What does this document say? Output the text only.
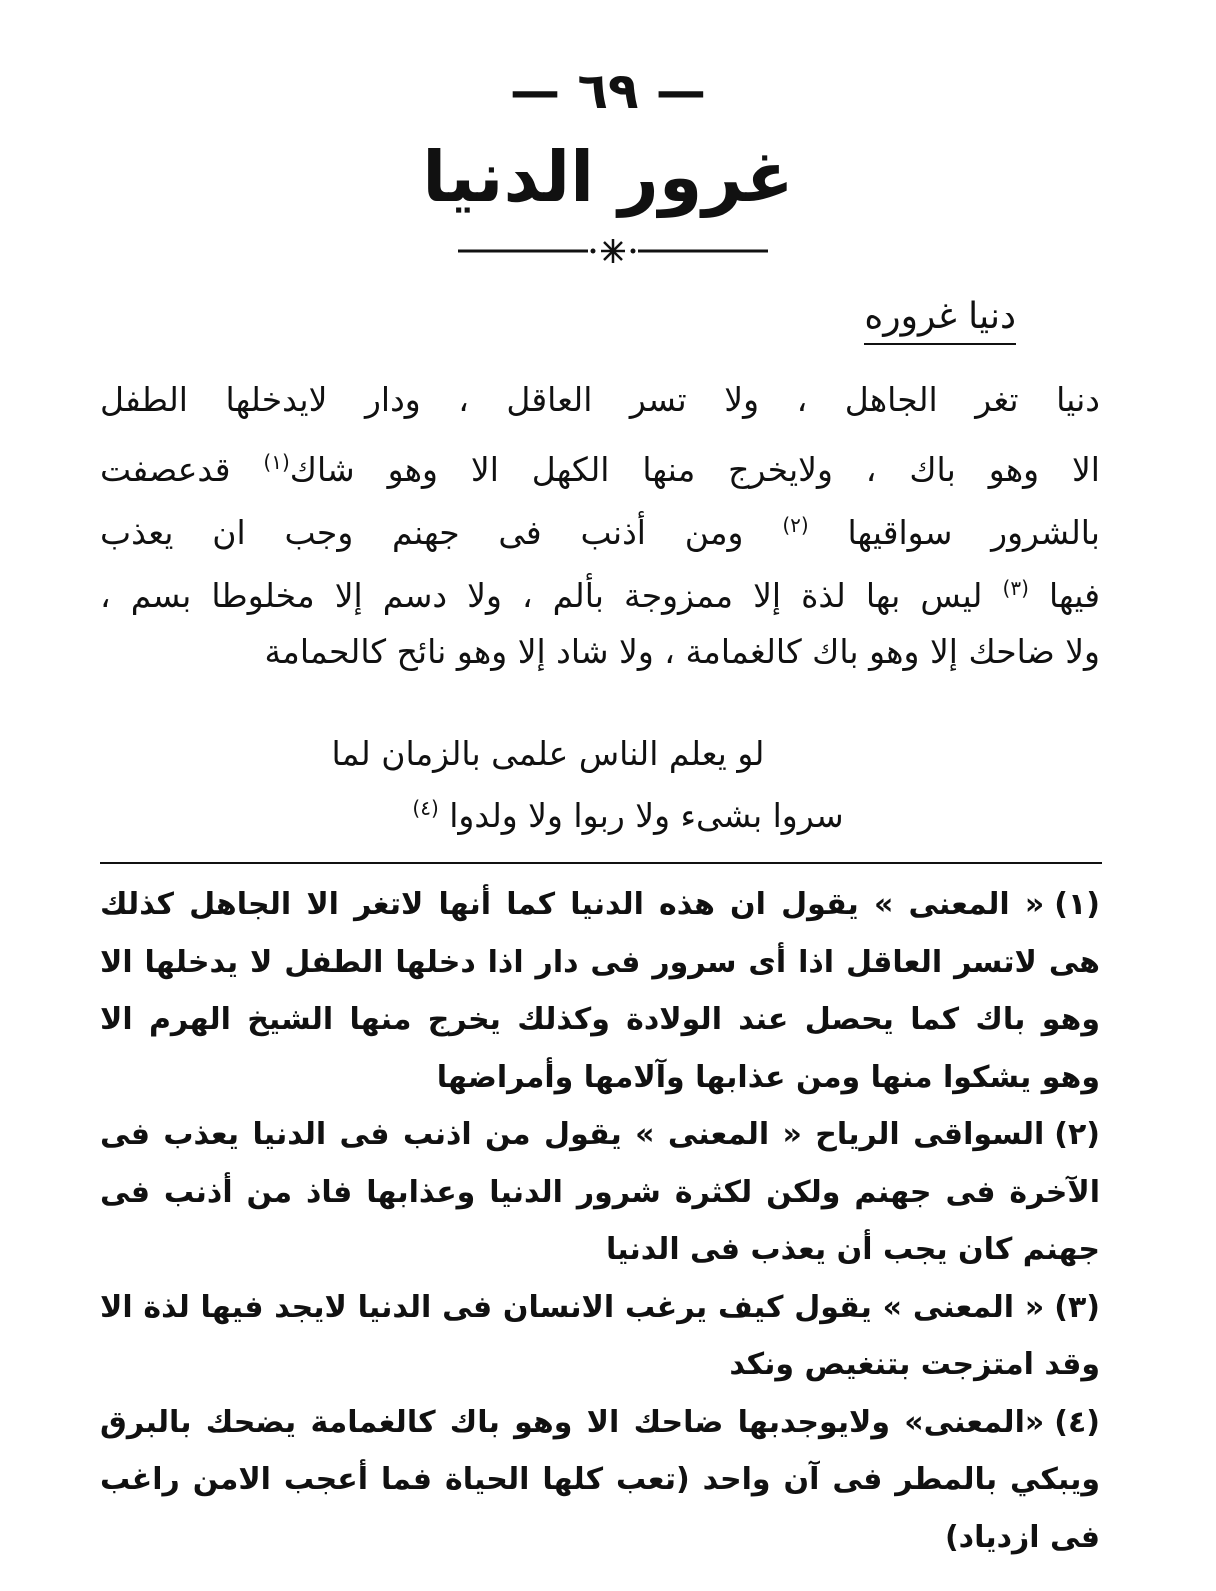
— ٦٩ —
غرور الدنيا
دنيا غروره
دنيا تغر الجاهل ، ولا تسر العاقل ، ودار لايدخلها الطفل
الا وهو باك ، ولايخرج منها الكهل الا وهو شاك$^{(١)}$ قدعصفت
بالشرور سواقيها $^{(٢)}$ ومن أذنب فى جهنم وجب ان يعذب
فيها $^{(٣)}$ ليس بها لذة إلا ممزوجة بألم ، ولا دسم إلا مخلوطا بسم ،
ولا ضاحك إلا وهو باك كالغمامة ، ولا شاد إلا وهو نائح كالحمامة
لو يعلم الناس علمى بالزمان لما
سروا بشىء ولا ربوا ولا ولدوا $^{(٤)}$
(١)« المعنى » يقول ان هذه الدنيا كما أنها لاتغر الا الجاهل كذلك هى لاتسر العاقل اذا أى سرور فى دار اذا دخلها الطفل لا يدخلها الا وهو باك كما يحصل عند الولادة وكذلك يخرج منها الشيخ الهرم الا وهو يشكوا منها ومن عذابها وآلامها وأمراضها
(٢)السواقى الرياح « المعنى » يقول من اذنب فى الدنيا يعذب فى الآخرة فى جهنم ولكن لكثرة شرور الدنيا وعذابها فاذ من أذنب فى جهنم كان يجب أن يعذب فى الدنيا
(٣)« المعنى » يقول كيف يرغب الانسان فى الدنيا لايجد فيها لذة الا وقد امتزجت بتنغيص ونكد
(٤)«المعنى» ولايوجدبها ضاحك الا وهو باك كالغمامة يضحك بالبرق ويبكي بالمطر فى آن واحد (تعب كلها الحياة فما أعجب الامن راغب فى ازدياد)
